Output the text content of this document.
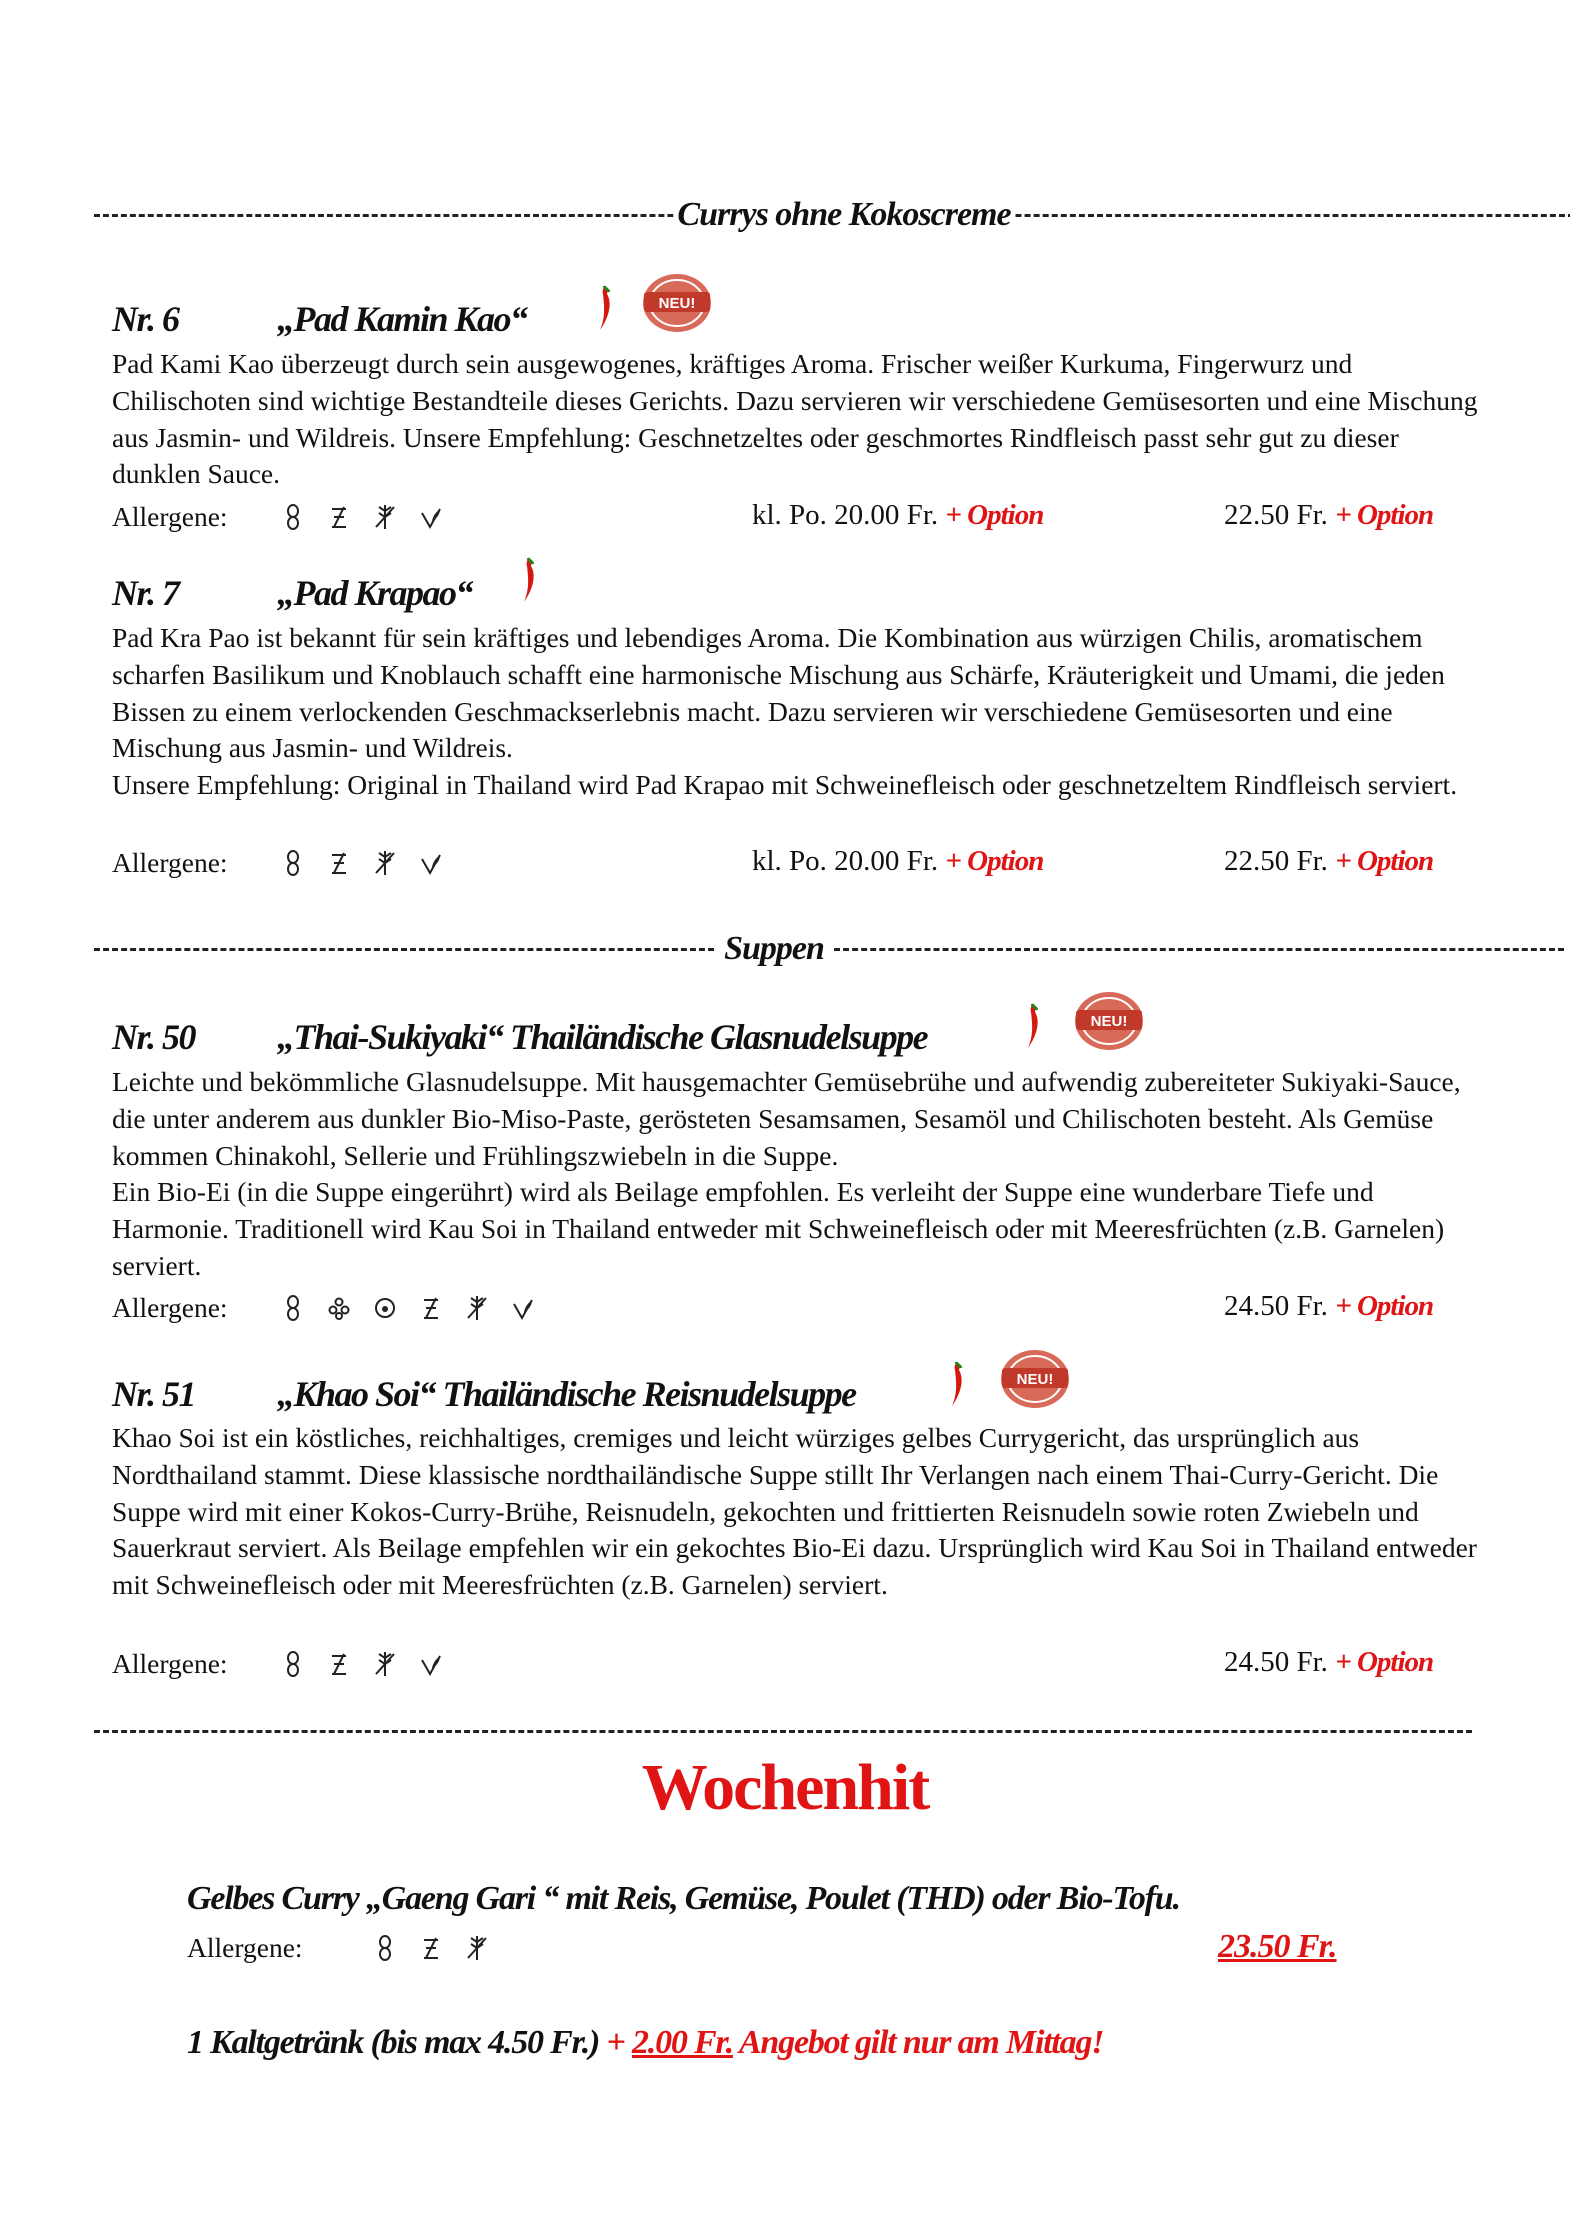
Currys ohne Kokoscreme
Nr. 6	„Pad Kamin Kao“	NEU!

Pad Kami Kao überzeugt durch sein ausgewogenes, kräftiges Aroma. Frischer weißer Kurkuma, Fingerwurz und Chilischoten sind wichtige Bestandteile dieses Gerichts. Dazu servieren wir verschiedene Gemüsesorten und eine Mischung aus Jasmin- und Wildreis. Unsere Empfehlung: Geschnetzeltes oder geschmortes Rindfleisch passt sehr gut zu dieser dunklen Sauce.

Allergene:	kl. Po. 20.00 Fr. + Option	22.50 Fr. + Option
Nr. 7	„Pad Krapao“

Pad Kra Pao ist bekannt für sein kräftiges und lebendiges Aroma. Die Kombination aus würzigen Chilis, aromatischem scharfen Basilikum und Knoblauch schafft eine harmonische Mischung aus Schärfe, Kräuterigkeit und Umami, die jeden Bissen zu einem verlockenden Geschmackserlebnis macht. Dazu servieren wir verschiedene Gemüsesorten und eine Mischung aus Jasmin- und Wildreis.

Unsere Empfehlung: Original in Thailand wird Pad Krapao mit Schweinefleisch oder geschnetzeltem Rindfleisch serviert.

Allergene:	kl. Po. 20.00 Fr. + Option	22.50 Fr. + Option
Suppen
Nr. 50 „Thai-Sukiyaki“ Thailändische Glasnudelsuppe	NEU!

Leichte und bekömmliche Glasnudelsuppe. Mit hausgemachter Gemüsebrühe und aufwendig zubereiteter Sukiyaki-Sauce, die unter anderem aus dunkler Bio-Miso-Paste, gerösteten Sesamsamen, Sesamöl und Chilischoten besteht. Als Gemüse kommen Chinakohl, Sellerie und Frühlingszwiebeln in die Suppe.

Ein Bio-Ei (in die Suppe eingerührt) wird als Beilage empfohlen. Es verleiht der Suppe eine wunderbare Tiefe und Harmonie. Traditionell wird Kau Soi in Thailand entweder mit Schweinefleisch oder mit Meeresfrüchten (z.B. Garnelen) serviert.

Allergene:	24.50 Fr. + Option
Nr. 51 „Khao Soi“ Thailändische Reisnudelsuppe	NEU!

Khao Soi ist ein köstliches, reichhaltiges, cremiges und leicht würziges gelbes Currygericht, das ursprünglich aus Nordthailand stammt. Diese klassische nordthailändische Suppe stillt Ihr Verlangen nach einem Thai-Curry-Gericht. Die Suppe wird mit einer Kokos-Curry-Brühe, Reisnudeln, gekochten und frittierten Reisnudeln sowie roten Zwiebeln und Sauerkraut serviert. Als Beilage empfehlen wir ein gekochtes Bio-Ei dazu. Ursprünglich wird Kau Soi in Thailand entweder mit Schweinefleisch oder mit Meeresfrüchten (z.B. Garnelen) serviert.

Allergene:	24.50 Fr. + Option
Wochenhit
Gelbes Curry „Gaeng Gari “ mit Reis, Gemüse, Poulet (THD) oder Bio-Tofu.
Allergene:	23.50 Fr.
1 Kaltgetränk (bis max 4.50 Fr.) + 2.00 Fr. Angebot gilt nur am Mittag!
